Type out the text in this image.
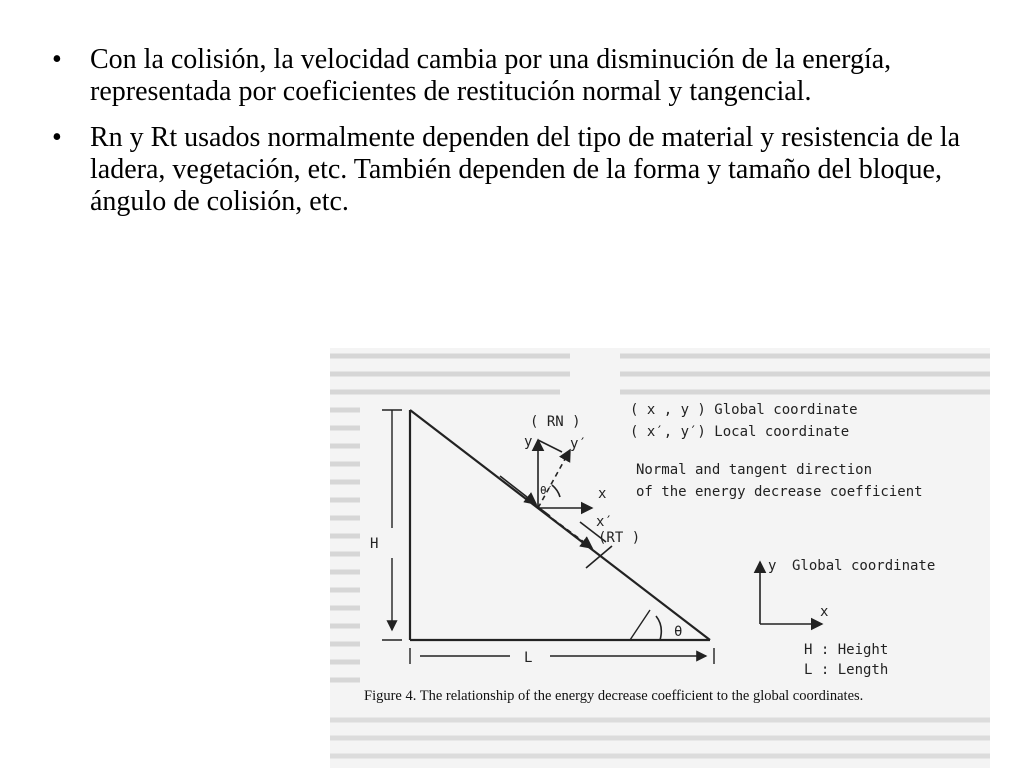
• Con la colisión, la velocidad cambia por una disminución de la energía, representada por coeficientes de restitución normal y tangencial.
• Rn y Rt usados normalmente dependen del tipo de material y resistencia de la ladera, vegetación, etc. También dependen de la forma y tamaño del bloque, ángulo de colisión, etc.
( RN )
(RT )
( x , y ) Global coordinate
( x′, y′) Local coordinate
Normal and tangent direction
of the energy decrease coefficient
y	y′
x
x′
θ′
θ
H
L
y Global coordinate
x
H : Height
L : Length
Figure 4. The relationship of the energy decrease coefficient to the global coordinates.
